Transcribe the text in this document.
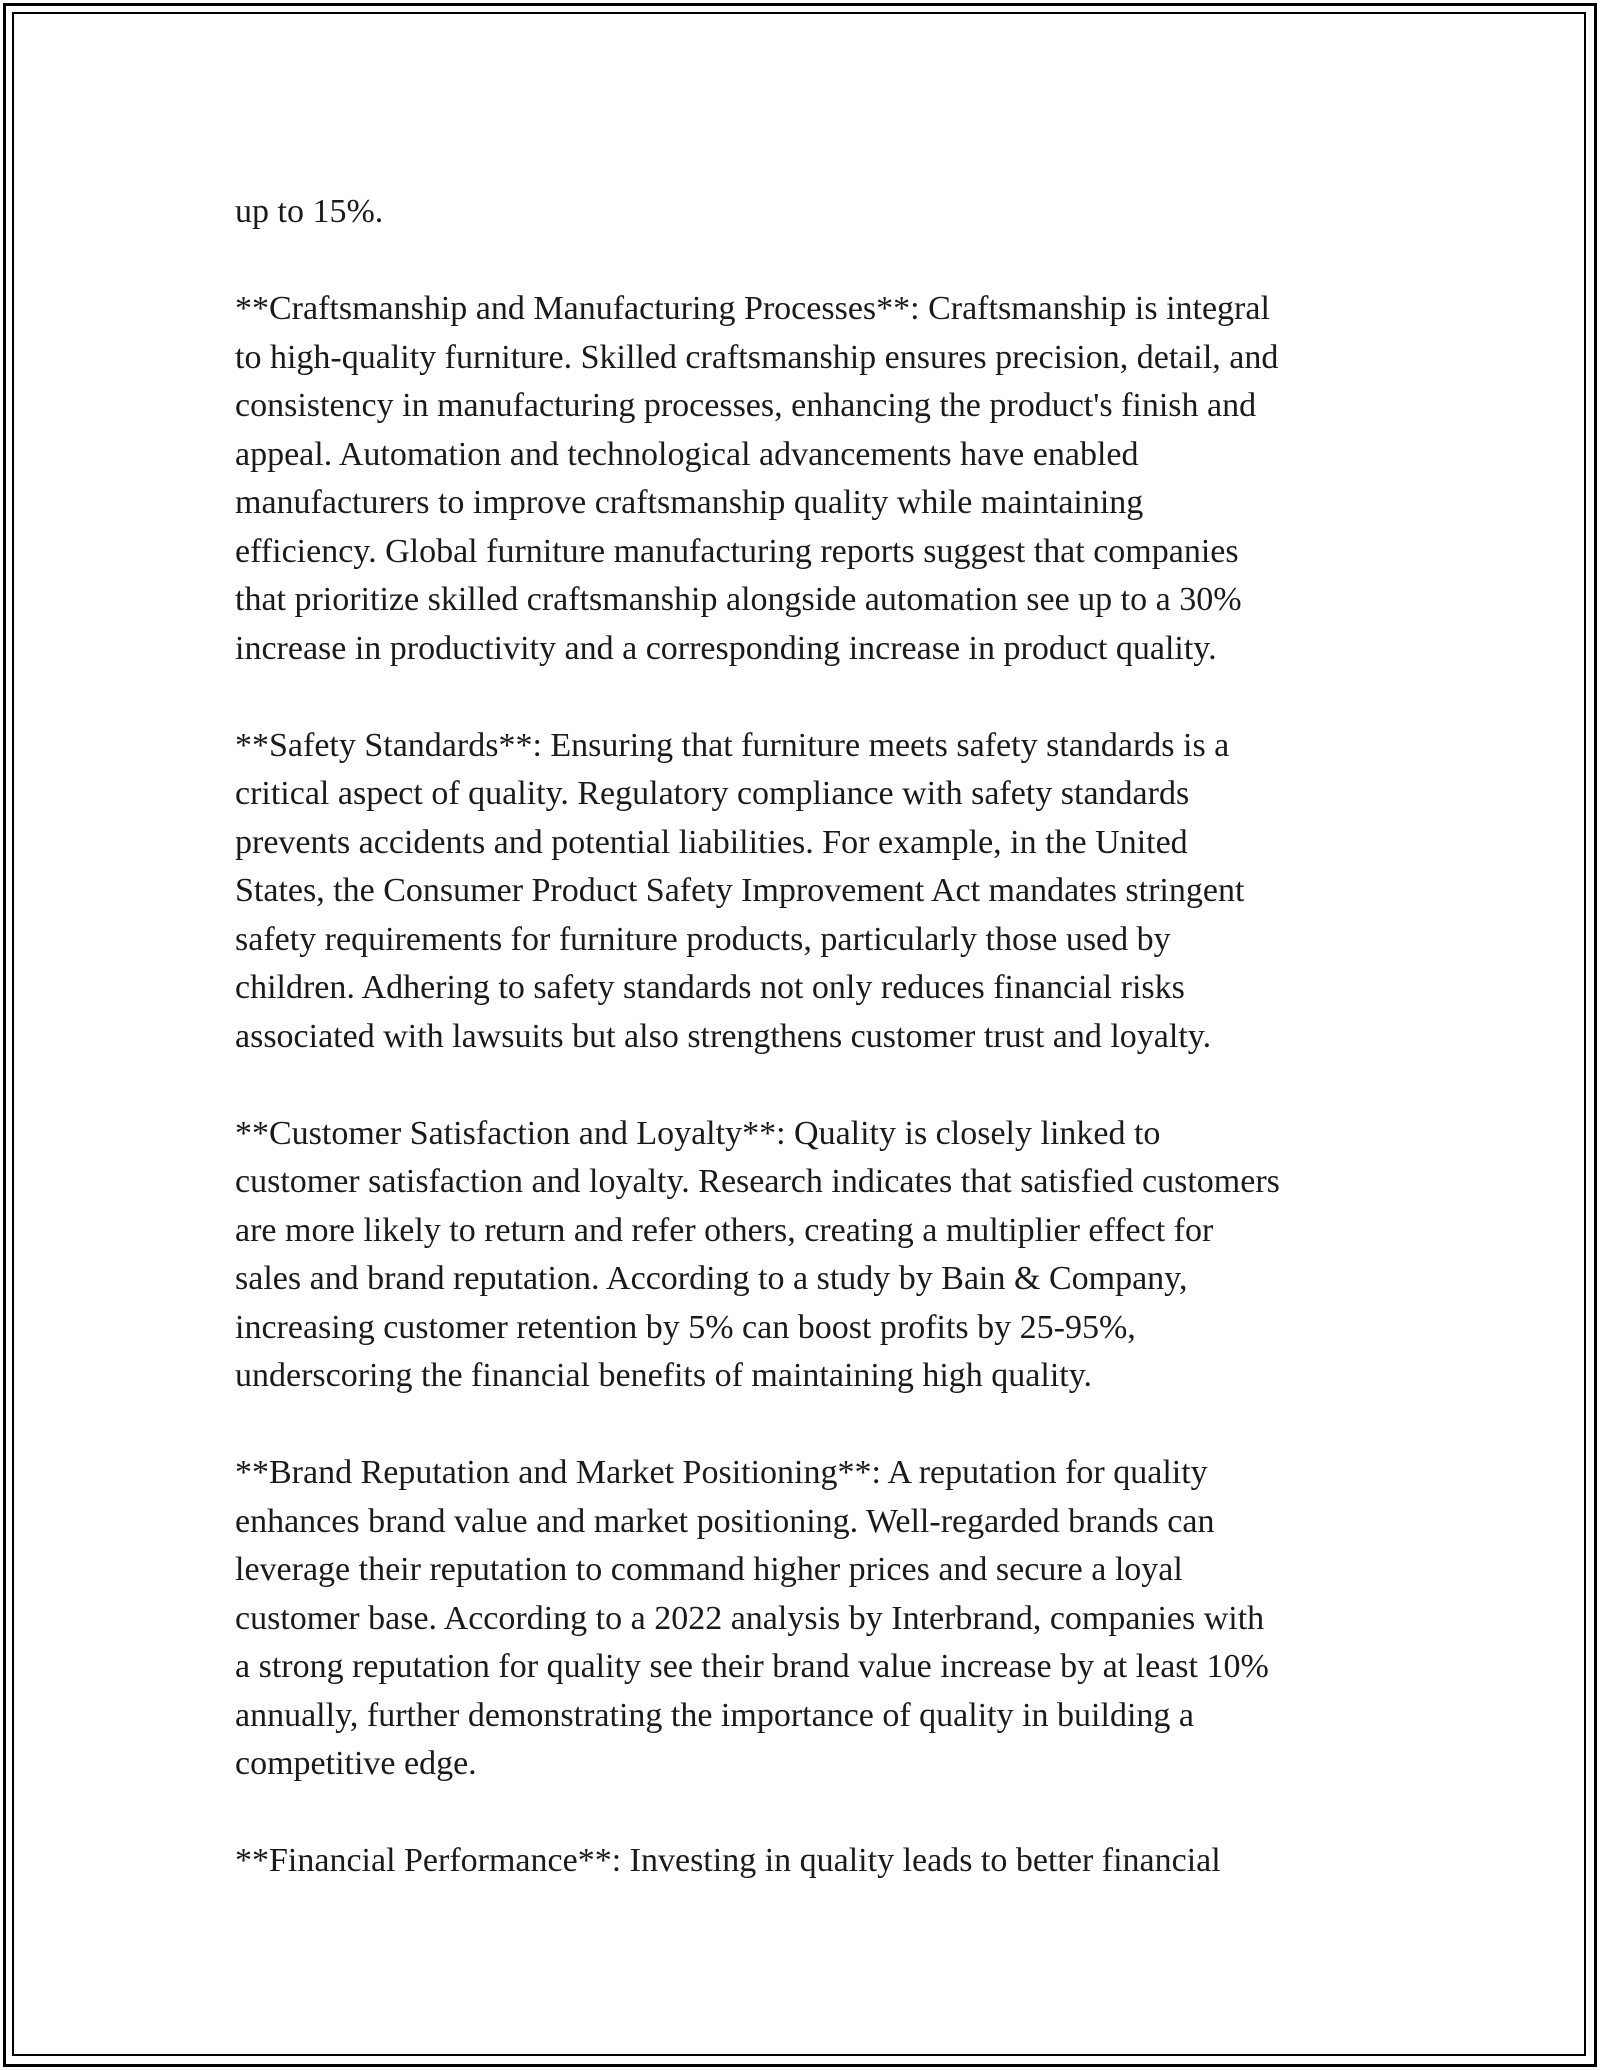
up to 15%.

**Craftsmanship and Manufacturing Processes**: Craftsmanship is integral
to high-quality furniture. Skilled craftsmanship ensures precision, detail, and
consistency in manufacturing processes, enhancing the product's finish and
appeal. Automation and technological advancements have enabled
manufacturers to improve craftsmanship quality while maintaining
efficiency. Global furniture manufacturing reports suggest that companies
that prioritize skilled craftsmanship alongside automation see up to a 30%
increase in productivity and a corresponding increase in product quality.

**Safety Standards**: Ensuring that furniture meets safety standards is a
critical aspect of quality. Regulatory compliance with safety standards
prevents accidents and potential liabilities. For example, in the United
States, the Consumer Product Safety Improvement Act mandates stringent
safety requirements for furniture products, particularly those used by
children. Adhering to safety standards not only reduces financial risks
associated with lawsuits but also strengthens customer trust and loyalty.

**Customer Satisfaction and Loyalty**: Quality is closely linked to
customer satisfaction and loyalty. Research indicates that satisfied customers
are more likely to return and refer others, creating a multiplier effect for
sales and brand reputation. According to a study by Bain & Company,
increasing customer retention by 5% can boost profits by 25-95%,
underscoring the financial benefits of maintaining high quality.

**Brand Reputation and Market Positioning**: A reputation for quality
enhances brand value and market positioning. Well-regarded brands can
leverage their reputation to command higher prices and secure a loyal
customer base. According to a 2022 analysis by Interbrand, companies with
a strong reputation for quality see their brand value increase by at least 10%
annually, further demonstrating the importance of quality in building a
competitive edge.

**Financial Performance**: Investing in quality leads to better financial
